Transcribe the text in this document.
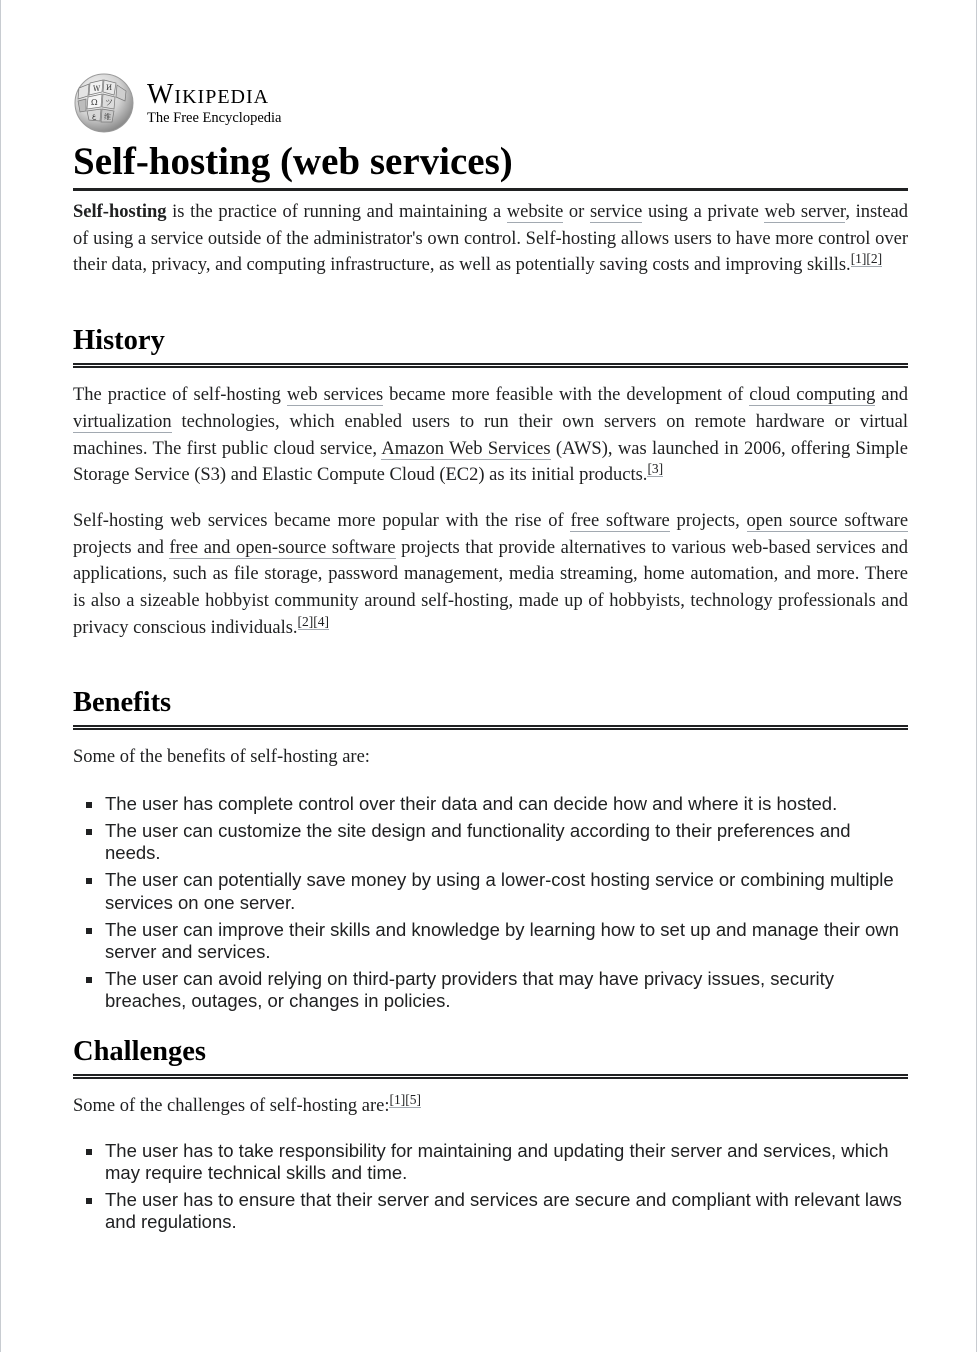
W И
Ω ツ
ع 维
Wikipedia
The Free Encyclopedia
Self-hosting (web services)

Self-hosting is the practice of running and maintaining a website or service using a private web server, instead of using a service outside of the administrator's own control. Self-hosting allows users to have more control over their data, privacy, and computing infrastructure, as well as potentially saving costs and improving skills.[1][2]

History

The practice of self-hosting web services became more feasible with the development of cloud computing and virtualization technologies, which enabled users to run their own servers on remote hardware or virtual machines. The first public cloud service, Amazon Web Services (AWS), was launched in 2006, offering Simple Storage Service (S3) and Elastic Compute Cloud (EC2) as its initial products.[3]

Self-hosting web services became more popular with the rise of free software projects, open source software projects and free and open-source software projects that provide alternatives to various web-based services and applications, such as file storage, password management, media streaming, home automation, and more. There is also a sizeable hobbyist community around self-hosting, made up of hobbyists, technology professionals and privacy conscious individuals.[2][4]

Benefits

Some of the benefits of self-hosting are:

The user has complete control over their data and can decide how and where it is hosted.
The user can customize the site design and functionality according to their preferences and needs.
The user can potentially save money by using a lower-cost hosting service or combining multiple services on one server.
The user can improve their skills and knowledge by learning how to set up and manage their own server and services.
The user can avoid relying on third-party providers that may have privacy issues, security breaches, outages, or changes in policies.
Challenges

Some of the challenges of self-hosting are:[1][5]

The user has to take responsibility for maintaining and updating their server and services, which may require technical skills and time.
The user has to ensure that their server and services are secure and compliant with relevant laws and regulations.
